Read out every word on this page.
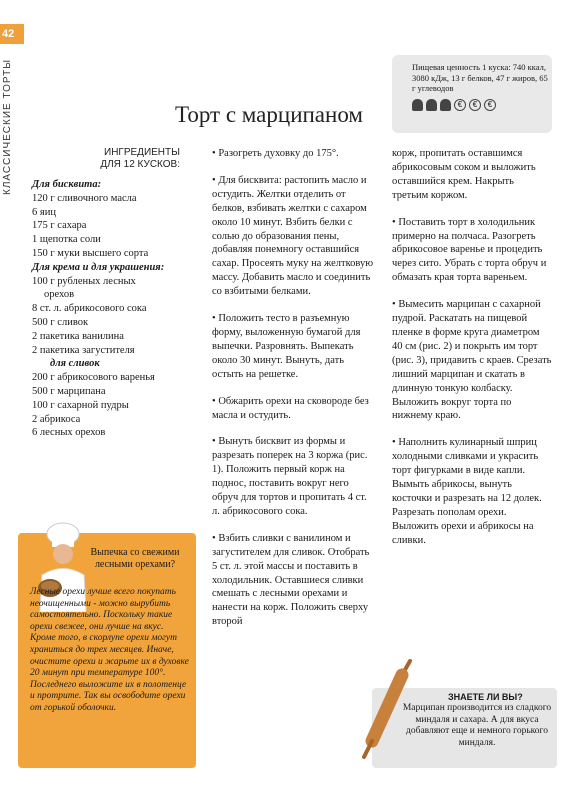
42
КЛАССИЧЕСКИЕ ТОРТЫ	Пищевая ценность 1 куска: 740 ккал, 3080 кДж, 13 г белков, 47 г жиров, 65 г углеводов
€	€	€
Торт с марципаном
ИНГРЕДИЕНТЫ
ДЛЯ 12 КУСКОВ:
Для бисквита:
120 г сливочного масла
6 яиц
175 г сахара
1 щепотка соли
150 г муки высшего сорта
Для крема и для украшения:
100 г рубленых лесных
орехов
8 ст. л. абрикосового сока
500 г сливок
2 пакетика ванилина
2 пакетика загустителя
для сливок
200 г абрикосового варенья
500 г марципана
100 г сахарной пудры
2 абрикоса
6 лесных орехов
• Разогреть духовку до 175°.
• Для бисквита: растопить масло и остудить. Желтки отделить от белков, взбивать желтки с сахаром около 10 минут. Взбить белки с солью до образования пены, добавляя понемногу оставшийся сахар. Просеять муку на желтковую массу. Добавить масло и соединить со взбитыми белками.
• Положить тесто в разъемную форму, выложенную бумагой для выпечки. Разровнять. Выпекать около 30 минут. Вынуть, дать остыть на решетке.
• Обжарить орехи на сковороде без масла и остудить.
• Вынуть бисквит из формы и разрезать поперек на 3 коржа (рис. 1). Положить первый корж на поднос, поставить вокруг него обруч для тортов и пропитать 4 ст. л. абрикосового сока.
• Взбить сливки с ванилином и загустителем для сливок. Отобрать 5 ст. л. этой массы и поставить в холодильник. Оставшиеся сливки смешать с лесными орехами и нанести на корж. Положить сверху второй
корж, пропитать оставшимся абрикосовым соком и выложить оставшийся крем. Накрыть третьим коржом.
• Поставить торт в холодильник примерно на полчаса. Разогреть абрикосовое варенье и процедить через сито. Убрать с торта обруч и обмазать края торта вареньем.
• Вымесить марципан с сахарной пудрой. Раскатать на пищевой пленке в форме круга диаметром 40 см (рис. 2) и покрыть им торт (рис. 3), придавить с краев. Срезать лишний марципан и скатать в длинную тонкую колбаску. Выложить вокруг торта по нижнему краю.
• Наполнить кулинарный шприц холодными сливками и украсить торт фигурками в виде капли. Вымыть абрикосы, вынуть косточки и разрезать на 12 долек. Разрезать пополам орехи. Выложить орехи и абрикосы на сливки.
Выпечка со свежими лесными орехами?
Лесные орехи лучше всего покупать неочищенными - можно вырубить самостоятельно. Поскольку такие орехи свежее, они лучше на вкус. Кроме того, в скорлупе орехи могут храниться до трех месяцев. Иначе, очистите орехи и жарьте их в духовке 20 минут при температуре 100°. Последнего выложите их в полотенце и протрите. Так вы освободите орехи от горькой оболочки.
ЗНАЕТЕ ЛИ ВЫ?
Марципан производится из сладкого миндаля и сахара. А для вкуса добавляют еще и немного горького миндаля.
